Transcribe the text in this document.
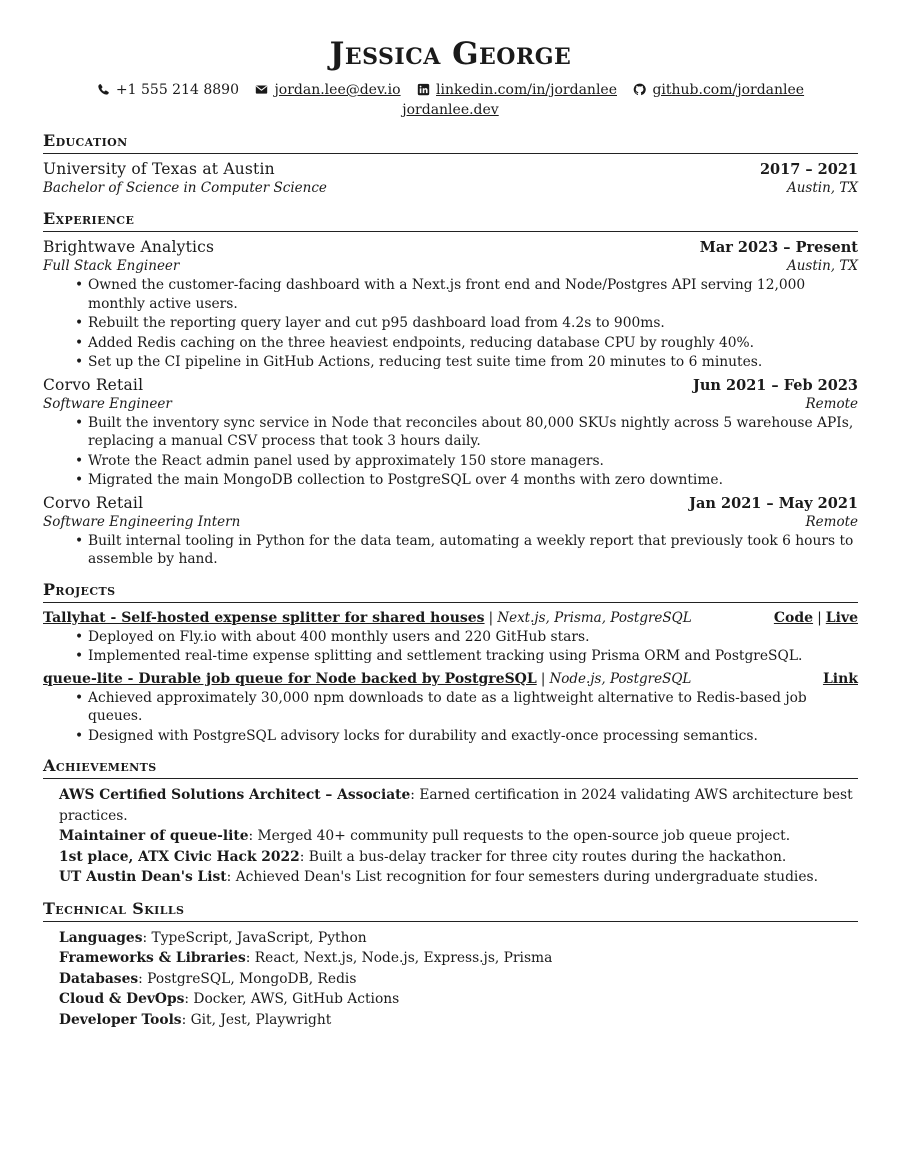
Jessica George
+1 555 214 8890	jordan.lee@dev.io	linkedin.com/in/jordanlee	github.com/jordanlee
jordanlee.dev
Education
University of Texas at Austin	2017 – 2021
Bachelor of Science in Computer Science	Austin, TX
Experience
Brightwave Analytics	Mar 2023 – Present
Full Stack Engineer	Austin, TX
• Owned the customer-facing dashboard with a Next.js front end and Node/Postgres API serving 12,000 monthly active users.
• Rebuilt the reporting query layer and cut p95 dashboard load from 4.2s to 900ms.
• Added Redis caching on the three heaviest endpoints, reducing database CPU by roughly 40%.
• Set up the CI pipeline in GitHub Actions, reducing test suite time from 20 minutes to 6 minutes.
Corvo Retail	Jun 2021 – Feb 2023
Software Engineer	Remote
• Built the inventory sync service in Node that reconciles about 80,000 SKUs nightly across 5 warehouse APIs, replacing a manual CSV process that took 3 hours daily.
• Wrote the React admin panel used by approximately 150 store managers.
• Migrated the main MongoDB collection to PostgreSQL over 4 months with zero downtime.
Corvo Retail	Jan 2021 – May 2021
Software Engineering Intern	Remote
• Built internal tooling in Python for the data team, automating a weekly report that previously took 6 hours to assemble by hand.
Projects
Tallyhat - Self-hosted expense splitter for shared houses | Next.js, Prisma, PostgreSQL	Code | Live
• Deployed on Fly.io with about 400 monthly users and 220 GitHub stars.
• Implemented real-time expense splitting and settlement tracking using Prisma ORM and PostgreSQL.
queue-lite - Durable job queue for Node backed by PostgreSQL | Node.js, PostgreSQL	Link
• Achieved approximately 30,000 npm downloads to date as a lightweight alternative to Redis-based job queues.
• Designed with PostgreSQL advisory locks for durability and exactly-once processing semantics.
Achievements
AWS Certified Solutions Architect – Associate: Earned certification in 2024 validating AWS architecture best practices.
Maintainer of queue-lite: Merged 40+ community pull requests to the open-source job queue project.
1st place, ATX Civic Hack 2022: Built a bus-delay tracker for three city routes during the hackathon.
UT Austin Dean's List: Achieved Dean's List recognition for four semesters during undergraduate studies.
Technical Skills
Languages: TypeScript, JavaScript, Python
Frameworks & Libraries: React, Next.js, Node.js, Express.js, Prisma
Databases: PostgreSQL, MongoDB, Redis
Cloud & DevOps: Docker, AWS, GitHub Actions
Developer Tools: Git, Jest, Playwright
